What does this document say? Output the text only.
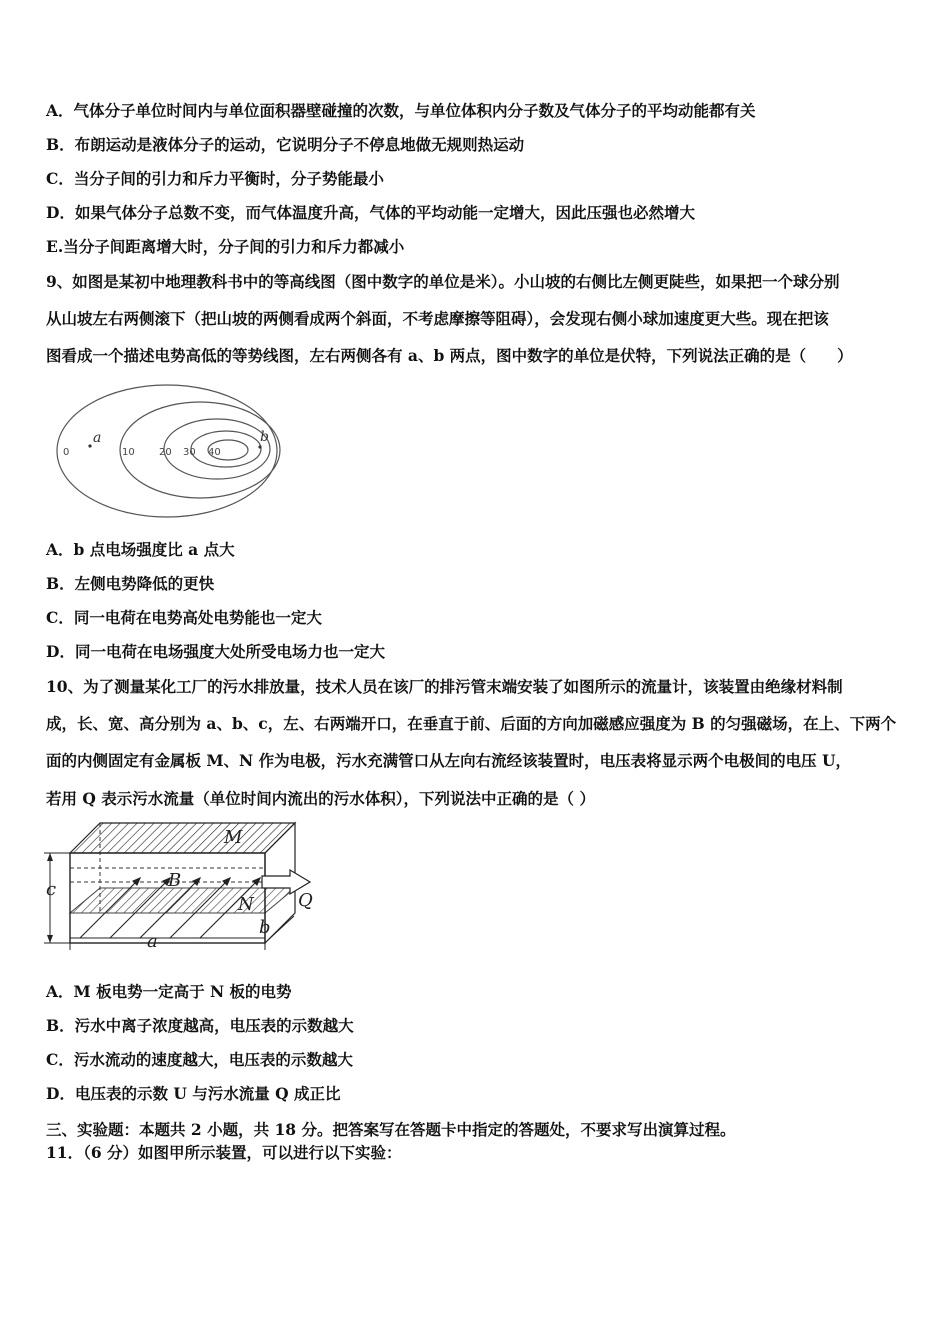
A．气体分子单位时间内与单位面积器壁碰撞的次数，与单位体积内分子数及气体分子的平均动能都有关
B．布朗运动是液体分子的运动，它说明分子不停息地做无规则热运动
C．当分子间的引力和斥力平衡时，分子势能最小
D．如果气体分子总数不变，而气体温度升高，气体的平均动能一定增大，因此压强也必然增大
E.当分子间距离增大时，分子间的引力和斥力都减小
9、如图是某初中地理教科书中的等高线图（图中数字的单位是米）。小山坡的右侧比左侧更陡些，如果把一个球分别
从山坡左右两侧滚下（把山坡的两侧看成两个斜面，不考虑摩擦等阻碍），会发现右侧小球加速度更大些。现在把该
图看成一个描述电势高低的等势线图，左右两侧各有 a、b 两点，图中数字的单位是伏特，下列说法正确的是（　　）
0	10 20 30 40
a	b
A．b 点电场强度比 a 点大
B．左侧电势降低的更快
C．同一电荷在电势高处电势能也一定大
D．同一电荷在电场强度大处所受电场力也一定大
10、为了测量某化工厂的污水排放量，技术人员在该厂的排污管末端安装了如图所示的流量计，该装置由绝缘材料制
成，长、宽、高分别为 a、b、c，左、右两端开口，在垂直于前、后面的方向加磁感应强度为 B 的匀强磁场，在上、下两个
面的内侧固定有金属板 M、N 作为电极，污水充满管口从左向右流经该装置时，电压表将显示两个电极间的电压 U，
若用 Q 表示污水流量（单位时间内流出的污水体积），下列说法中正确的是（ ）
M
N
B
Q
a
b
c
A．M 板电势一定高于 N 板的电势
B．污水中离子浓度越高，电压表的示数越大
C．污水流动的速度越大，电压表的示数越大
D．电压表的示数 U 与污水流量 Q 成正比
三、实验题：本题共 2 小题，共 18 分。把答案写在答题卡中指定的答题处，不要求写出演算过程。
11．（6 分）如图甲所示装置，可以进行以下实验：
